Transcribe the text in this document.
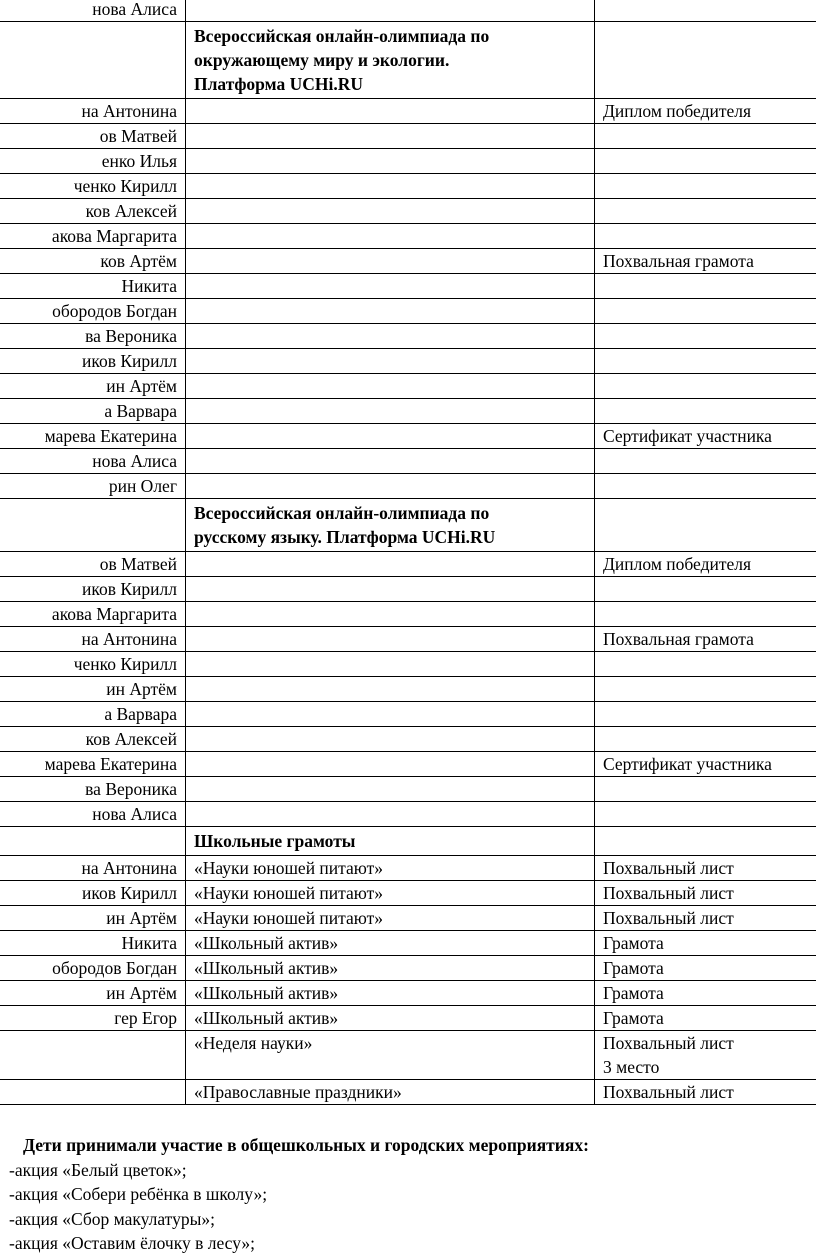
нова Алиса		

	Всероссийская онлайн-олимпиада по
окружающему миру и экологии.
Платформа UCHi.RU	

на Антонина		Диплом победителя
ов Матвей		
енко Илья		
ченко Кирилл		
ков Алексей		
акова Маргарита		
ков Артём		Похвальная грамота
Никита		
обородов Богдан		
ва Вероника		
иков Кирилл		
ин Артём		
а Варвара		
марева Екатерина		Сертификат участника
нова Алиса		
рин Олег		

	Всероссийская онлайн-олимпиада по
русскому языку. Платформа UCHi.RU	

ов Матвей		Диплом победителя
иков Кирилл		
акова Маргарита		
на Антонина		Похвальная грамота
ченко Кирилл		
ин Артём		
а Варвара		
ков Алексей		
марева Екатерина		Сертификат участника
ва Вероника		
нова Алиса		

	Школьные грамоты	

на Антонина	«Науки юношей питают»	Похвальный лист
иков Кирилл	«Науки юношей питают»	Похвальный лист
ин Артём	«Науки юношей питают»	Похвальный лист
Никита	«Школьный актив»	Грамота
обородов Богдан	«Школьный актив»	Грамота
ин Артём	«Школьный актив»	Грамота
гер Егор	«Школьный актив»	Грамота
	«Неделя науки»	Похвальный лист
3 место

	«Православные праздники»	Похвальный лист
Дети принимали участие в общешкольных и городских мероприятиях:
-акция «Белый цветок»;
-акция «Собери ребёнка в школу»;
-акция «Сбор макулатуры»;
-акция «Оставим ёлочку в лесу»;
